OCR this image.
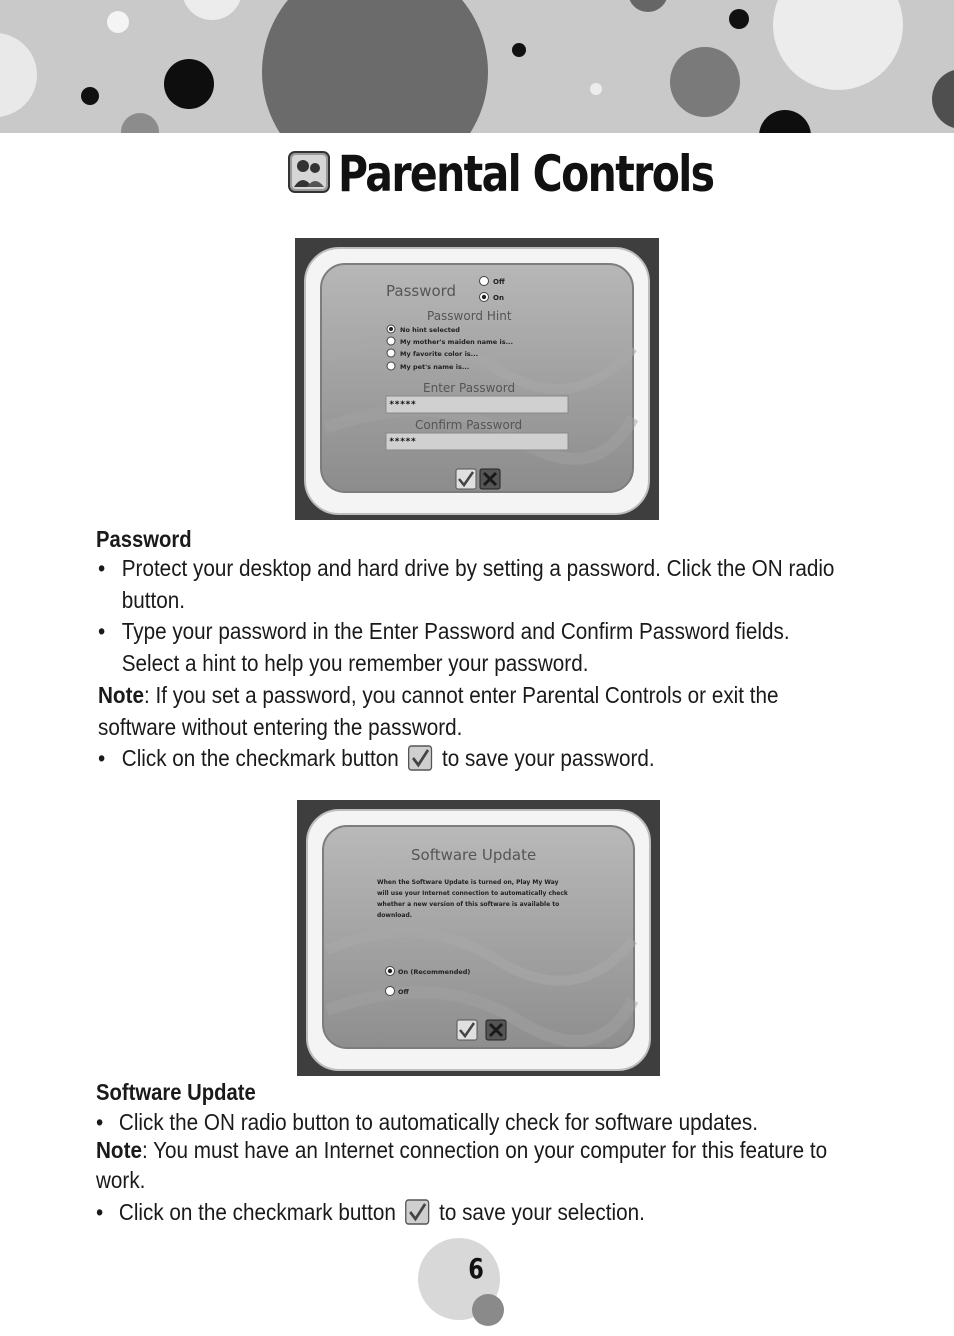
Parental Controls
Password	Off
On
Password Hint
No hint selected
My mother's maiden name is...
My favorite color is...
My pet's name is...
Enter Password
*****
Confirm Password
*****
Password
• Protect your desktop and hard drive by setting a password. Click the ON radio button.
• Type your password in the Enter Password and Confirm Password fields. Select a hint to help you remember your password.
Note: If you set a password, you cannot enter Parental Controls or exit the software without entering the password.
• Click on the checkmark button to save your password.
Software Update
When the Software Update is turned on, Play My Way
will use your Internet connection to automatically check
whether a new version of this software is available to
download.
On (Recommended)
Off
Software Update
• Click the ON radio button to automatically check for software updates.
Note: You must have an Internet connection on your computer for this feature to work.
• Click on the checkmark button to save your selection.
6
